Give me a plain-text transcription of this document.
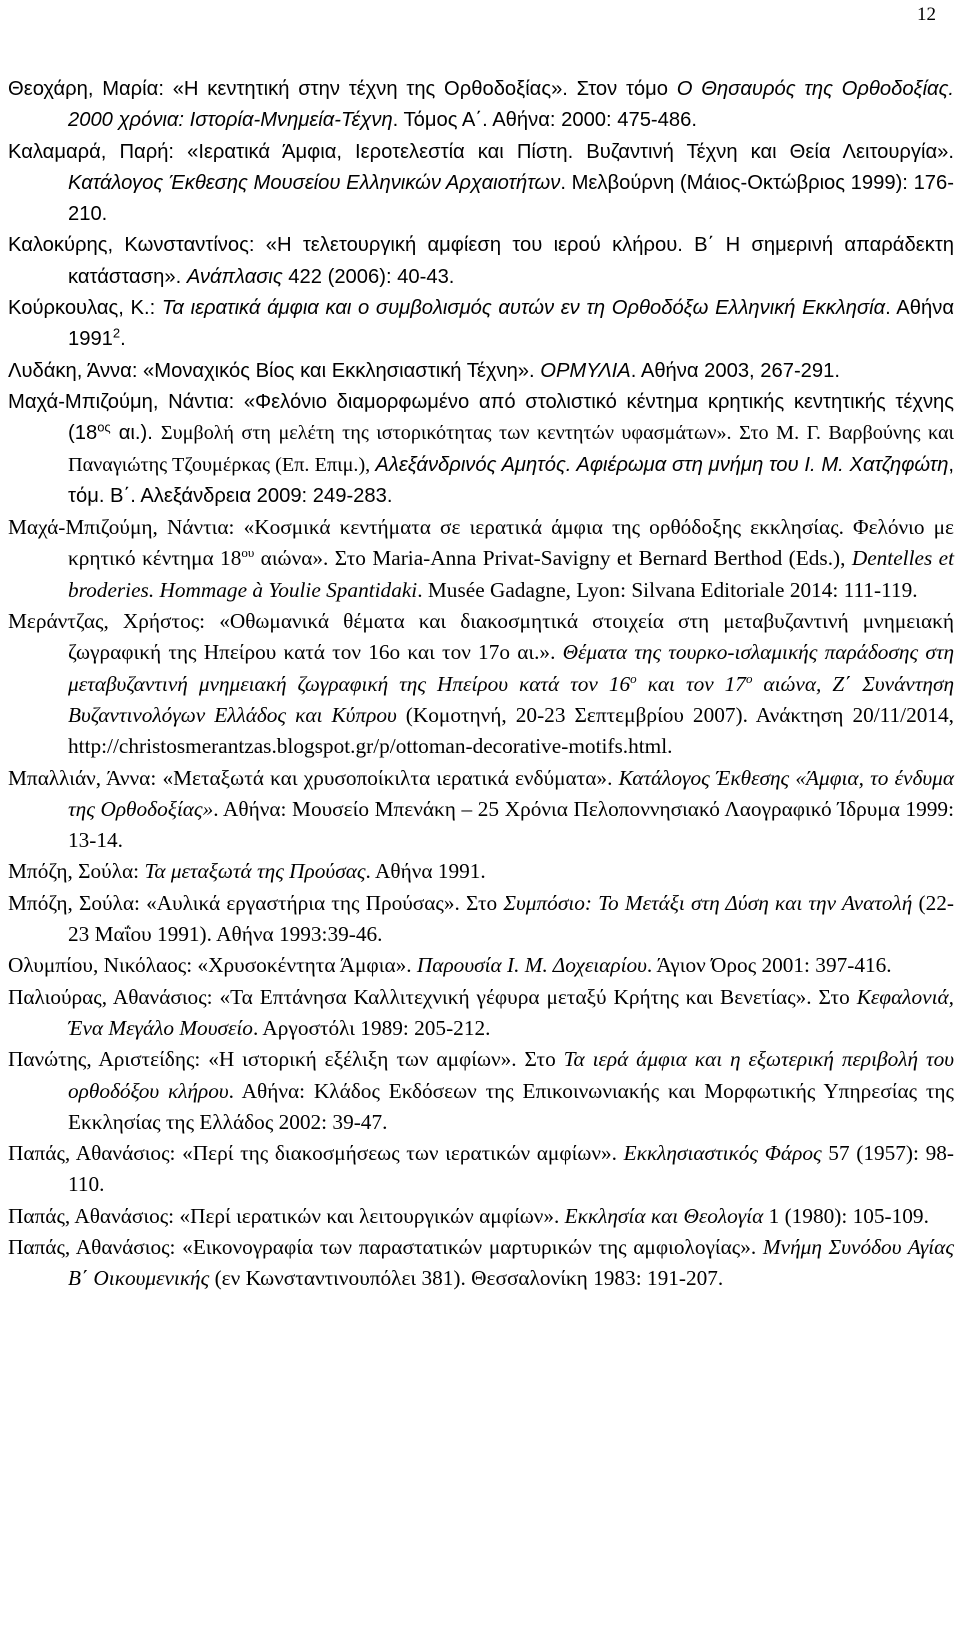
12

Θεοχάρη, Μαρία: «Η κεντητική στην τέχνη της Ορθοδοξίας». Στον τόμο Ο Θησαυρός της Ορθοδοξίας. 2000 χρόνια: Ιστορία-Μνημεία-Τέχνη. Τόμος Α΄. Αθήνα: 2000: 475-486.

Καλαμαρά, Παρή: «Ιερατικά Άμφια, Ιεροτελεστία και Πίστη. Βυζαντινή Τέχνη και Θεία Λειτουργία». Κατάλογος Έκθεσης Μουσείου Ελληνικών Αρχαιοτήτων. Μελβούρνη (Μάιος-Οκτώβριος 1999): 176-210.

Καλοκύρης, Κωνσταντίνος: «Η τελετουργική αμφίεση του ιερού κλήρου. Β΄ Η σημερινή απαράδεκτη κατάσταση». Ανάπλασις 422 (2006): 40-43.

Κούρκουλας, Κ.: Τα ιερατικά άμφια και ο συμβολισμός αυτών εν τη Ορθοδόξω Ελληνική Εκκλησία. Αθήνα 1991$^2$.

Λυδάκη, Άννα: «Μοναχικός Βίος και Εκκλησιαστική Τέχνη». ΟΡΜΥΛΙΑ. Αθήνα 2003, 267-291.

Μαχά-Μπιζούμη, Νάντια: «Φελόνιο διαμορφωμένο από στολιστικό κέντημα κρητικής κεντητικής τέχνης ($18^{o\varsigma}$ αι.). Συμβολή στη μελέτη της ιστορικότητας των κεντητών υφασμάτων». Στο Μ. Γ. Βαρβούνης και Παναγιώτης Τζουμέρκας (Επ. Επιμ.), Αλεξάνδρινός Αμητός. Αφιέρωμα στη μνήμη του Ι. Μ. Χατζηφώτη, τόμ. Β΄. Αλεξάνδρεια 2009: 249-283.

Μαχά-Μπιζούμη, Νάντια: «Κοσμικά κεντήματα σε ιερατικά άμφια της ορθόδοξης εκκλησίας. Φελόνιο με κρητικό κέντημα $18^{o\upsilon}$ αιώνα». Στο Maria-Anna Privat-Savigny et Bernard Berthod (Eds.), Dentelles et broderies. Hommage à Youlie Spantidaki. Musée Gadagne, Lyon: Silvana Editoriale 2014: 111-119.

Μεράντζας, Χρήστος: «Οθωμανικά θέματα και διακοσμητικά στοιχεία στη μεταβυζαντινή μνημειακή ζωγραφική της Ηπείρου κατά τον 16ο και τον 17ο αι.». Θέματα της τουρκο-ισλαμικής παράδοσης στη μεταβυζαντινή μνημειακή ζωγραφική της Ηπείρου κατά τον $16^o$ και τον $17^o$ αιώνα, Ζ΄ Συνάντηση Βυζαντινολόγων Ελλάδος και Κύπρου (Κομοτηνή, 20-23 Σεπτεμβρίου 2007). Ανάκτηση 20/11/2014, http://christosmerantzas.blogspot.gr/p/ottoman-decorative-motifs.html.

Μπαλλιάν, Άννα: «Μεταξωτά και χρυσοποίκιλτα ιερατικά ενδύματα». Κατάλογος Έκθεσης «Άμφια, το ένδυμα της Ορθοδοξίας». Αθήνα: Μουσείο Μπενάκη – 25 Χρόνια Πελοποννησιακό Λαογραφικό Ίδρυμα 1999: 13-14.

Μπόζη, Σούλα: Τα μεταξωτά της Προύσας. Αθήνα 1991.

Μπόζη, Σούλα: «Αυλικά εργαστήρια της Προύσας». Στο Συμπόσιο: Το Μετάξι στη Δύση και την Ανατολή (22-23 Μαΐου 1991). Αθήνα 1993:39-46.

Ολυμπίου, Νικόλαος: «Χρυσοκέντητα Άμφια». Παρουσία Ι. Μ. Δοχειαρίου. Άγιον Όρος 2001: 397-416.

Παλιούρας, Αθανάσιος: «Τα Επτάνησα Καλλιτεχνική γέφυρα μεταξύ Κρήτης και Βενετίας». Στο Κεφαλονιά, Ένα Μεγάλο Μουσείο. Αργοστόλι 1989: 205-212.

Πανώτης, Αριστείδης: «Η ιστορική εξέλιξη των αμφίων». Στο Τα ιερά άμφια και η εξωτερική περιβολή του ορθοδόξου κλήρου. Αθήνα: Κλάδος Εκδόσεων της Επικοινωνιακής και Μορφωτικής Υπηρεσίας της Εκκλησίας της Ελλάδος 2002: 39-47.

Παπάς, Αθανάσιος: «Περί της διακοσμήσεως των ιερατικών αμφίων». Εκκλησιαστικός Φάρος 57 (1957): 98-110.

Παπάς, Αθανάσιος: «Περί ιερατικών και λειτουργικών αμφίων». Εκκλησία και Θεολογία 1 (1980): 105-109.

Παπάς, Αθανάσιος: «Εικονογραφία των παραστατικών μαρτυρικών της αμφιολογίας». Μνήμη Συνόδου Αγίας Β΄ Οικουμενικής (εν Κωνσταντινουπόλει 381). Θεσσαλονίκη 1983: 191-207.
